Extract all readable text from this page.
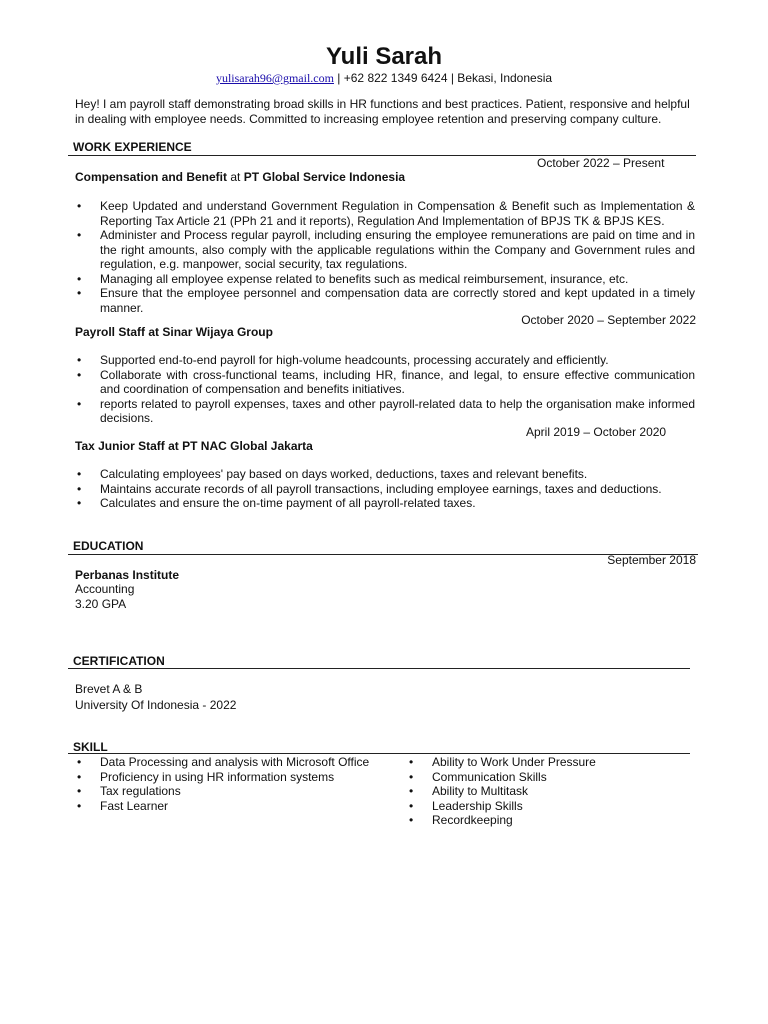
Yuli Sarah
yulisarah96@gmail.com | +62 822 1349 6424 | Bekasi, Indonesia
Hey! I am payroll staff demonstrating broad skills in HR functions and best practices. Patient, responsive and helpful in dealing with employee needs. Committed to increasing employee retention and preserving company culture.
WORK EXPERIENCE
October 2022 – Present
Compensation and Benefit at PT Global Service Indonesia
• Keep Updated and understand Government Regulation in Compensation & Benefit such as Implementation & Reporting Tax Article 21 (PPh 21 and it reports), Regulation And Implementation of BPJS TK & BPJS KES.
• Administer and Process regular payroll, including ensuring the employee remunerations are paid on time and in the right amounts, also comply with the applicable regulations within the Company and Government rules and regulation, e.g. manpower, social security, tax regulations.
• Managing all employee expense related to benefits such as medical reimbursement, insurance, etc.
• Ensure that the employee personnel and compensation data are correctly stored and kept updated in a timely manner.
October 2020 – September 2022
Payroll Staff at Sinar Wijaya Group
• Supported end-to-end payroll for high-volume headcounts, processing accurately and efficiently.
• Collaborate with cross-functional teams, including HR, finance, and legal, to ensure effective communication and coordination of compensation and benefits initiatives.
• reports related to payroll expenses, taxes and other payroll-related data to help the organisation make informed decisions.
April 2019 – October 2020
Tax Junior Staff at PT NAC Global Jakarta
• Calculating employees' pay based on days worked, deductions, taxes and relevant benefits.
• Maintains accurate records of all payroll transactions, including employee earnings, taxes and deductions.
• Calculates and ensure the on-time payment of all payroll-related taxes.
EDUCATION
September 2018
Perbanas Institute
Accounting
3.20 GPA
CERTIFICATION
Brevet A & B
University Of Indonesia - 2022
SKILL
• Data Processing and analysis with Microsoft Office
• Proficiency in using HR information systems
• Tax regulations
• Fast Learner
• Ability to Work Under Pressure
• Communication Skills
• Ability to Multitask
• Leadership Skills
• Recordkeeping
